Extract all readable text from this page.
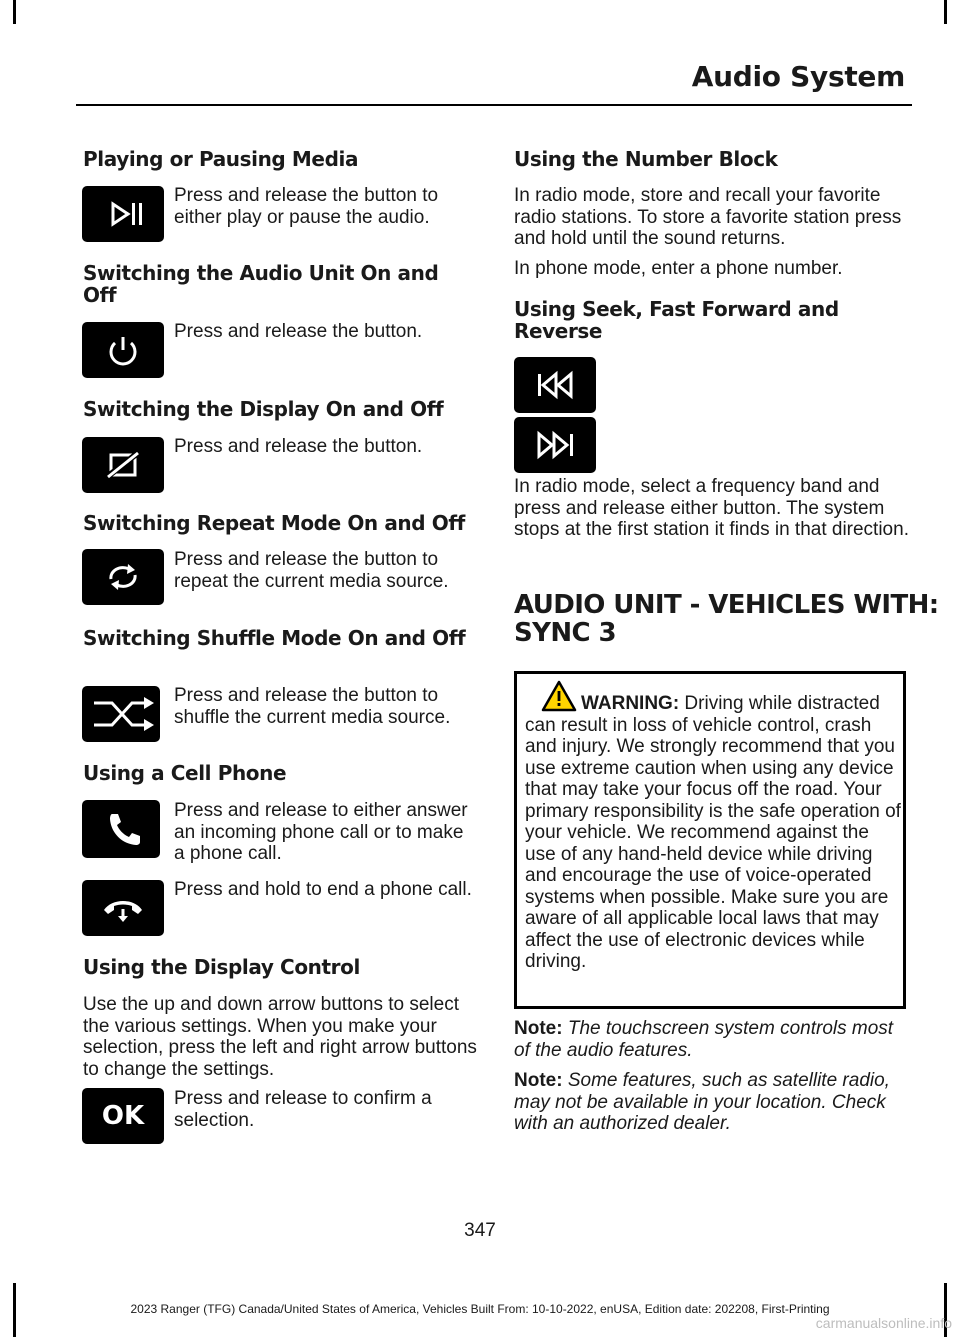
Audio System
Playing or Pausing Media

Press and release the button to either play or pause the audio.

Switching the Audio Unit On and Off

Press and release the button.

Switching the Display On and Off

Press and release the button.

Switching Repeat Mode On and Off

Press and release the button to repeat the current media source.

Switching Shuffle Mode On and Off

Press and release the button to shuffle the current media source.

Using a Cell Phone

Press and release to either answer an incoming phone call or to make a phone call.

Press and hold to end a phone call.

Using the Display Control

Use the up and down arrow buttons to select the various settings. When you make your selection, press the left and right arrow buttons to change the settings.

OK

Press and release to confirm a selection.

Using the Number Block

In radio mode, store and recall your favorite radio stations. To store a favorite station press and hold until the sound returns.

In phone mode, enter a phone number.

Using Seek, Fast Forward and Reverse

In radio mode, select a frequency band and press and release either button. The system stops at the first station it finds in that direction.

AUDIO UNIT - VEHICLES WITH:
SYNC 3
WARNING: Driving while distracted can result in loss of vehicle control, crash and injury. We strongly recommend that you use extreme caution when using any device that may take your focus off the road. Your primary responsibility is the safe operation of your vehicle. We recommend against the use of any hand-held device while driving and encourage the use of voice-operated systems when possible. Make sure you are aware of all applicable local laws that may affect the use of electronic devices while driving.
Note: The touchscreen system controls most of the audio features.
Note: Some features, such as satellite radio, may not be available in your location. Check with an authorized dealer.
347
2023 Ranger (TFG) Canada/United States of America, Vehicles Built From: 10-10-2022, enUSA, Edition date: 202208, First-Printing
carmanualsonline.info
